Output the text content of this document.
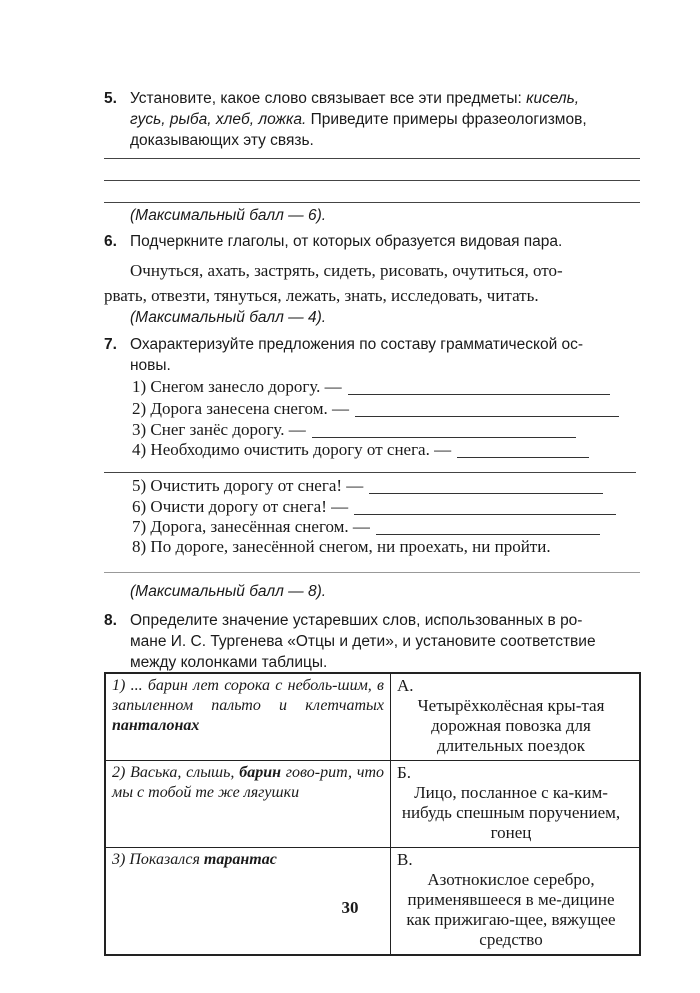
5. Установите, какое слово связывает все эти предметы: кисель,
гусь, рыба, хлеб, ложка. Приведите примеры фразеологизмов,
доказывающих эту связь.
(Максимальный балл — 6).
6. Подчеркните глаголы, от которых образуется видовая пара.
Очнуться, ахать, застрять, сидеть, рисовать, очутиться, ото-
рвать, отвезти, тянуться, лежать, знать, исследовать, читать.
(Максимальный балл — 4).
7. Охарактеризуйте предложения по составу грамматической ос-
новы.
1) Снегом занесло дорогу. —
2) Дорога занесена снегом. —
3) Снег занёс дорогу. —
4) Необходимо очистить дорогу от снега. —
5) Очистить дорогу от снега! —
6) Очисти дорогу от снега! —
7) Дорога, занесённая снегом. —
8) По дороге, занесённой снегом, ни проехать, ни пройти.
(Максимальный балл — 8).
8. Определите значение устаревших слов, использованных в ро-
мане И. С. Тургенева «Отцы и дети», и установите соответствие
между колонками таблицы.
1) ... барин лет сорока с неболь-шим, в запыленном пальто и клетчатых панталонах	А.Четырёхколёсная кры-тая дорожная повозка для длительных поездок
2) Васька, слышь, барин гово-рит, что мы с тобой те же лягушки	Б.Лицо, посланное с ка-ким-нибудь спешным поручением, гонец
3) Показался тарантас	В.Азотнокислое серебро, применявшееся в ме-дицине как прижигаю-щее, вяжущее средство
30
